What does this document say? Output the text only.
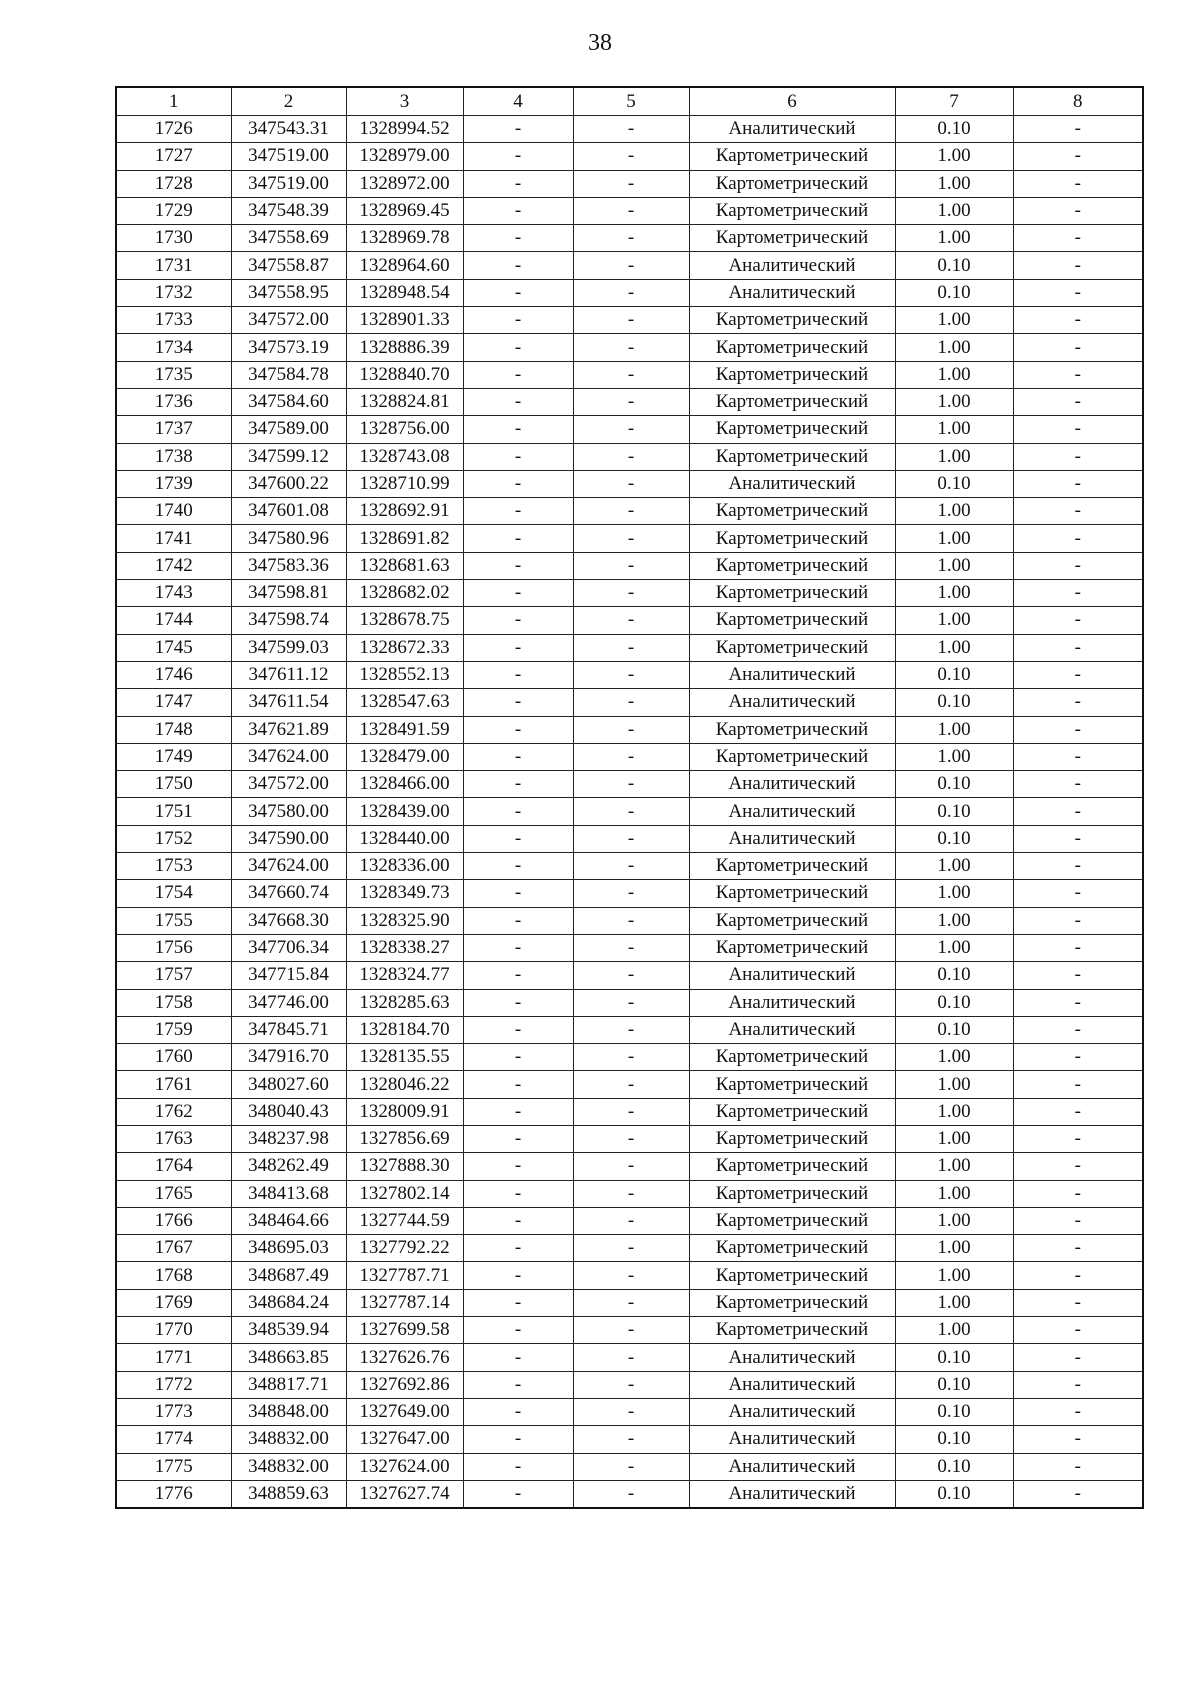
38
1	2	3	4	5	6	7	8
1726	347543.31	1328994.52	-	-	Аналитический	0.10	-
1727	347519.00	1328979.00	-	-	Картометрический	1.00	-
1728	347519.00	1328972.00	-	-	Картометрический	1.00	-
1729	347548.39	1328969.45	-	-	Картометрический	1.00	-
1730	347558.69	1328969.78	-	-	Картометрический	1.00	-
1731	347558.87	1328964.60	-	-	Аналитический	0.10	-
1732	347558.95	1328948.54	-	-	Аналитический	0.10	-
1733	347572.00	1328901.33	-	-	Картометрический	1.00	-
1734	347573.19	1328886.39	-	-	Картометрический	1.00	-
1735	347584.78	1328840.70	-	-	Картометрический	1.00	-
1736	347584.60	1328824.81	-	-	Картометрический	1.00	-
1737	347589.00	1328756.00	-	-	Картометрический	1.00	-
1738	347599.12	1328743.08	-	-	Картометрический	1.00	-
1739	347600.22	1328710.99	-	-	Аналитический	0.10	-
1740	347601.08	1328692.91	-	-	Картометрический	1.00	-
1741	347580.96	1328691.82	-	-	Картометрический	1.00	-
1742	347583.36	1328681.63	-	-	Картометрический	1.00	-
1743	347598.81	1328682.02	-	-	Картометрический	1.00	-
1744	347598.74	1328678.75	-	-	Картометрический	1.00	-
1745	347599.03	1328672.33	-	-	Картометрический	1.00	-
1746	347611.12	1328552.13	-	-	Аналитический	0.10	-
1747	347611.54	1328547.63	-	-	Аналитический	0.10	-
1748	347621.89	1328491.59	-	-	Картометрический	1.00	-
1749	347624.00	1328479.00	-	-	Картометрический	1.00	-
1750	347572.00	1328466.00	-	-	Аналитический	0.10	-
1751	347580.00	1328439.00	-	-	Аналитический	0.10	-
1752	347590.00	1328440.00	-	-	Аналитический	0.10	-
1753	347624.00	1328336.00	-	-	Картометрический	1.00	-
1754	347660.74	1328349.73	-	-	Картометрический	1.00	-
1755	347668.30	1328325.90	-	-	Картометрический	1.00	-
1756	347706.34	1328338.27	-	-	Картометрический	1.00	-
1757	347715.84	1328324.77	-	-	Аналитический	0.10	-
1758	347746.00	1328285.63	-	-	Аналитический	0.10	-
1759	347845.71	1328184.70	-	-	Аналитический	0.10	-
1760	347916.70	1328135.55	-	-	Картометрический	1.00	-
1761	348027.60	1328046.22	-	-	Картометрический	1.00	-
1762	348040.43	1328009.91	-	-	Картометрический	1.00	-
1763	348237.98	1327856.69	-	-	Картометрический	1.00	-
1764	348262.49	1327888.30	-	-	Картометрический	1.00	-
1765	348413.68	1327802.14	-	-	Картометрический	1.00	-
1766	348464.66	1327744.59	-	-	Картометрический	1.00	-
1767	348695.03	1327792.22	-	-	Картометрический	1.00	-
1768	348687.49	1327787.71	-	-	Картометрический	1.00	-
1769	348684.24	1327787.14	-	-	Картометрический	1.00	-
1770	348539.94	1327699.58	-	-	Картометрический	1.00	-
1771	348663.85	1327626.76	-	-	Аналитический	0.10	-
1772	348817.71	1327692.86	-	-	Аналитический	0.10	-
1773	348848.00	1327649.00	-	-	Аналитический	0.10	-
1774	348832.00	1327647.00	-	-	Аналитический	0.10	-
1775	348832.00	1327624.00	-	-	Аналитический	0.10	-
1776	348859.63	1327627.74	-	-	Аналитический	0.10	-
